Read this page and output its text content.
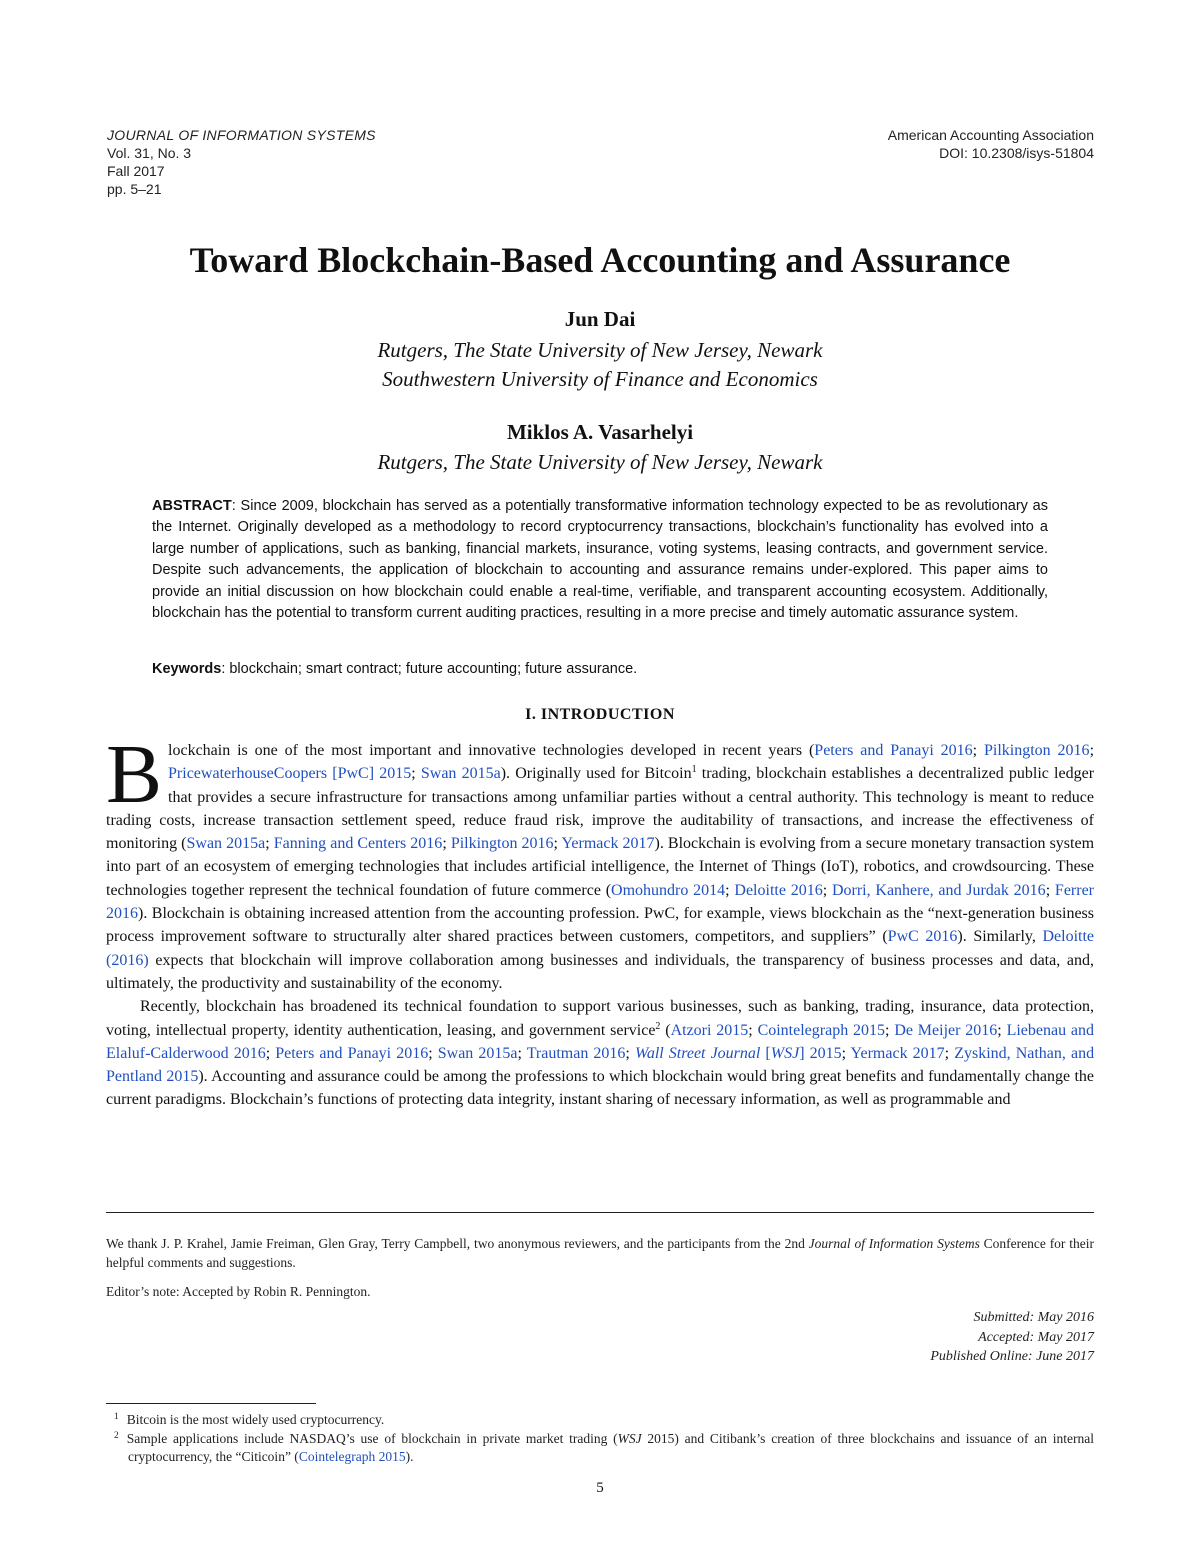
JOURNAL OF INFORMATION SYSTEMS
Vol. 31, No. 3
Fall 2017
pp. 5–21
American Accounting Association
DOI: 10.2308/isys-51804
Toward Blockchain-Based Accounting and Assurance
Jun Dai
Rutgers, The State University of New Jersey, Newark
Southwestern University of Finance and Economics
Miklos A. Vasarhelyi
Rutgers, The State University of New Jersey, Newark
ABSTRACT: Since 2009, blockchain has served as a potentially transformative information technology expected to be as revolutionary as the Internet. Originally developed as a methodology to record cryptocurrency transactions, blockchain’s functionality has evolved into a large number of applications, such as banking, financial markets, insurance, voting systems, leasing contracts, and government service. Despite such advancements, the application of blockchain to accounting and assurance remains under-explored. This paper aims to provide an initial discussion on how blockchain could enable a real-time, verifiable, and transparent accounting ecosystem. Additionally, blockchain has the potential to transform current auditing practices, resulting in a more precise and timely automatic assurance system.
Keywords: blockchain; smart contract; future accounting; future assurance.
I. INTRODUCTION

Blockchain is one of the most important and innovative technologies developed in recent years (Peters and Panayi 2016; Pilkington 2016; PricewaterhouseCoopers [PwC] 2015; Swan 2015a). Originally used for Bitcoin$^1$ trading, blockchain establishes a decentralized public ledger that provides a secure infrastructure for transactions among unfamiliar parties without a central authority. This technology is meant to reduce trading costs, increase transaction settlement speed, reduce fraud risk, improve the auditability of transactions, and increase the effectiveness of monitoring (Swan 2015a; Fanning and Centers 2016; Pilkington 2016; Yermack 2017). Blockchain is evolving from a secure monetary transaction system into part of an ecosystem of emerging technologies that includes artificial intelligence, the Internet of Things (IoT), robotics, and crowdsourcing. These technologies together represent the technical foundation of future commerce (Omohundro 2014; Deloitte 2016; Dorri, Kanhere, and Jurdak 2016; Ferrer 2016). Blockchain is obtaining increased attention from the accounting profession. PwC, for example, views blockchain as the “next-generation business process improvement software to structurally alter shared practices between customers, competitors, and suppliers” (PwC 2016). Similarly, Deloitte (2016) expects that blockchain will improve collaboration among businesses and individuals, the transparency of business processes and data, and, ultimately, the productivity and sustainability of the economy.

Recently, blockchain has broadened its technical foundation to support various businesses, such as banking, trading, insurance, data protection, voting, intellectual property, identity authentication, leasing, and government service$^2$ (Atzori 2015; Cointelegraph 2015; De Meijer 2016; Liebenau and Elaluf-Calderwood 2016; Peters and Panayi 2016; Swan 2015a; Trautman 2016; Wall Street Journal [WSJ] 2015; Yermack 2017; Zyskind, Nathan, and Pentland 2015). Accounting and assurance could be among the professions to which blockchain would bring great benefits and fundamentally change the current paradigms. Blockchain’s functions of protecting data integrity, instant sharing of necessary information, as well as programmable and

We thank J. P. Krahel, Jamie Freiman, Glen Gray, Terry Campbell, two anonymous reviewers, and the participants from the 2nd Journal of Information Systems Conference for their helpful comments and suggestions.
Editor’s note: Accepted by Robin R. Pennington.
Submitted: May 2016
Accepted: May 2017
Published Online: June 2017
$^1$ Bitcoin is the most widely used cryptocurrency.
$^2$ Sample applications include NASDAQ’s use of blockchain in private market trading (WSJ 2015) and Citibank’s creation of three blockchains and issuance of an internal cryptocurrency, the “Citicoin” (Cointelegraph 2015).
5
